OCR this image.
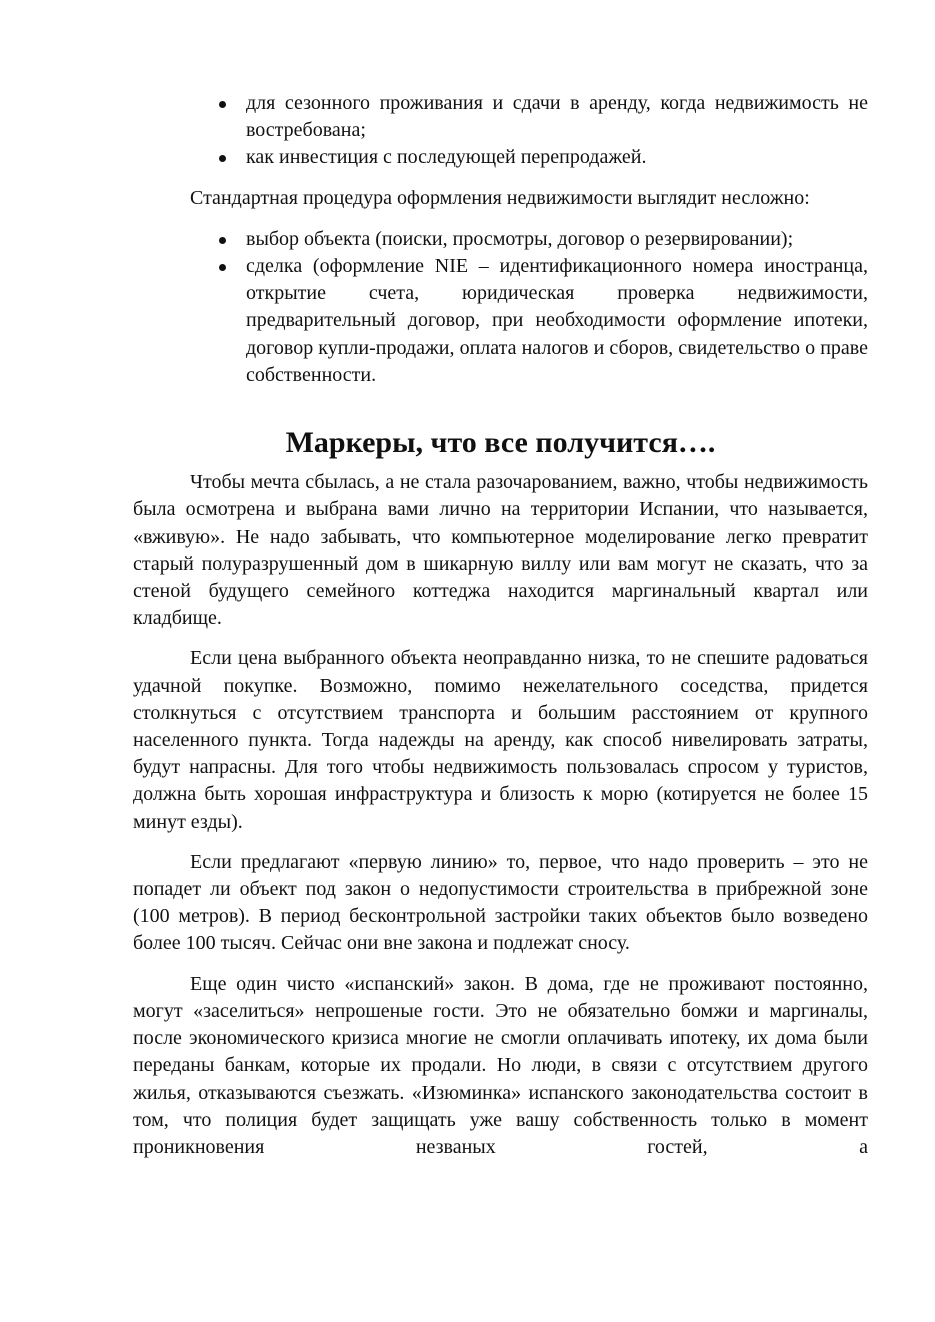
для сезонного проживания и сдачи в аренду, когда недвижимость не востребована;
как инвестиция с последующей перепродажей.

Стандартная процедура оформления недвижимости выглядит несложно:

выбор объекта (поиски, просмотры, договор о резервировании);
сделка (оформление NIE – идентификационного номера иностранца, открытие счета, юридическая проверка недвижимости, предварительный договор, при необходимости оформление ипотеки, договор купли-продажи, оплата налогов и сборов, свидетельство о праве собственности.
Маркеры, что все получится….

Чтобы мечта сбылась, а не стала разочарованием, важно, чтобы недвижимость была осмотрена и выбрана вами лично на территории Испании, что называется, «вживую». Не надо забывать, что компьютерное моделирование легко превратит старый полуразрушенный дом в шикарную виллу или вам могут не сказать, что за стеной будущего семейного коттеджа находится маргинальный квартал или кладбище.

Если цена выбранного объекта неоправданно низка, то не спешите радоваться удачной покупке. Возможно, помимо нежелательного соседства, придется столкнуться с отсутствием транспорта и большим расстоянием от крупного населенного пункта. Тогда надежды на аренду, как способ нивелировать затраты, будут напрасны. Для того чтобы недвижимость пользовалась спросом у туристов, должна быть хорошая инфраструктура и близость к морю (котируется не более 15 минут езды).

Если предлагают «первую линию» то, первое, что надо проверить – это не попадет ли объект под закон о недопустимости строительства в прибрежной зоне (100 метров). В период бесконтрольной застройки таких объектов было возведено более 100 тысяч. Сейчас они вне закона и подлежат сносу.

Еще один чисто «испанский» закон. В дома, где не проживают постоянно, могут «заселиться» непрошеные гости. Это не обязательно бомжи и маргиналы, после экономического кризиса многие не смогли оплачивать ипотеку, их дома были переданы банкам, которые их продали. Но люди, в связи с отсутствием другого жилья, отказываются съезжать. «Изюминка» испанского законодательства состоит в том, что полиция будет защищать уже вашу собственность только в момент проникновения незваных гостей, а
